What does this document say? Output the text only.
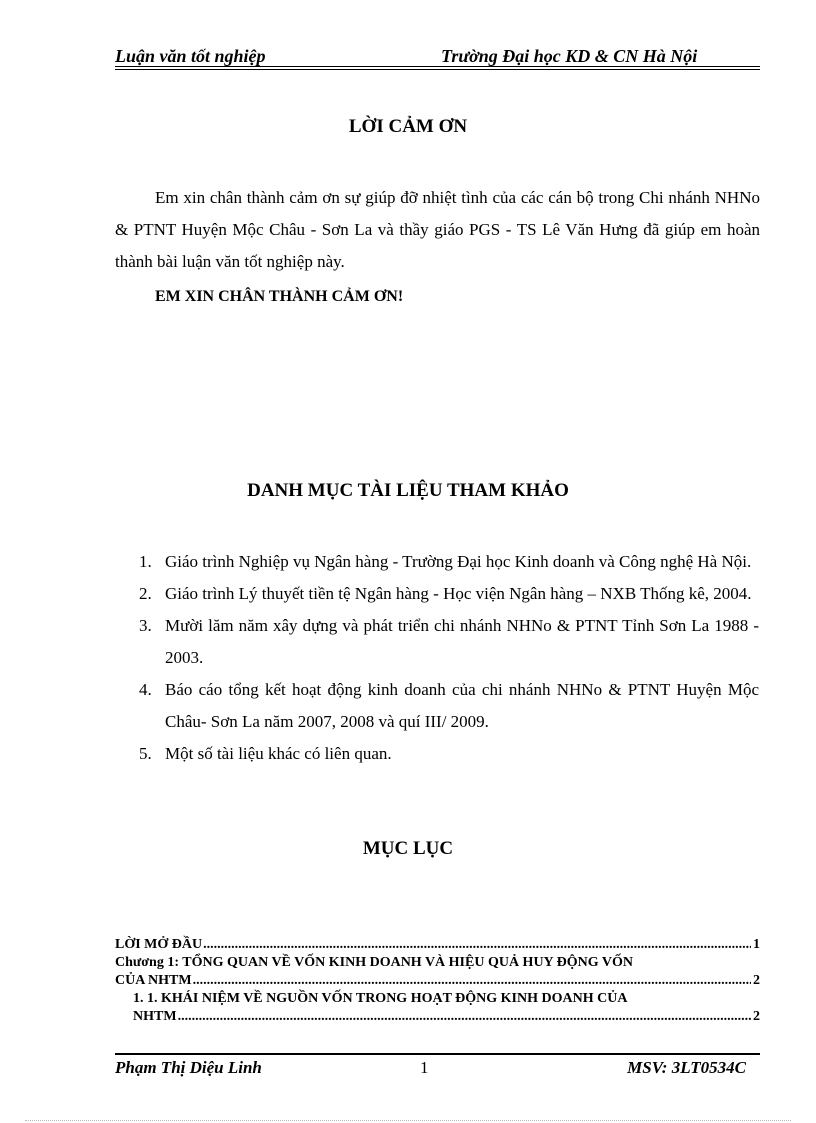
Luận văn tốt nghiệp	Trường Đại học KD & CN Hà Nội
LỜI CẢM ƠN

Em xin chân thành cảm ơn sự giúp đỡ nhiệt tình của các cán bộ trong Chi nhánh NHNo & PTNT Huyện Mộc Châu - Sơn La và thầy giáo PGS - TS Lê Văn Hưng đã giúp em hoàn thành bài luận văn tốt nghiệp này.

EM XIN CHÂN THÀNH CẢM ƠN!
DANH MỤC TÀI LIỆU THAM KHẢO
1. Giáo trình Nghiệp vụ Ngân hàng - Trường Đại học Kinh doanh và Công nghệ Hà Nội.
2. Giáo trình Lý thuyết tiền tệ Ngân hàng - Học viện Ngân hàng – NXB Thống kê, 2004.
3. Mười lăm năm xây dựng và phát triển chi nhánh NHNo & PTNT Tỉnh Sơn La 1988 - 2003.
4. Báo cáo tổng kết hoạt động kinh doanh của chi nhánh NHNo & PTNT Huyện Mộc Châu- Sơn La năm 2007, 2008 và quí III/ 2009.
5. Một số tài liệu khác có liên quan.
MỤC LỤC
LỜI MỞ ĐẦU .....	1
Chương 1: TỔNG QUAN VỀ VỐN KINH DOANH VÀ HIỆU QUẢ HUY ĐỘNG VỐN
CỦA NHTM .....	2
1. 1. KHÁI NIỆM VỀ NGUỒN VỐN TRONG HOẠT ĐỘNG KINH DOANH CỦA
NHTM .....	2
Phạm Thị Diệu Linh	1	MSV: 3LT0534C
